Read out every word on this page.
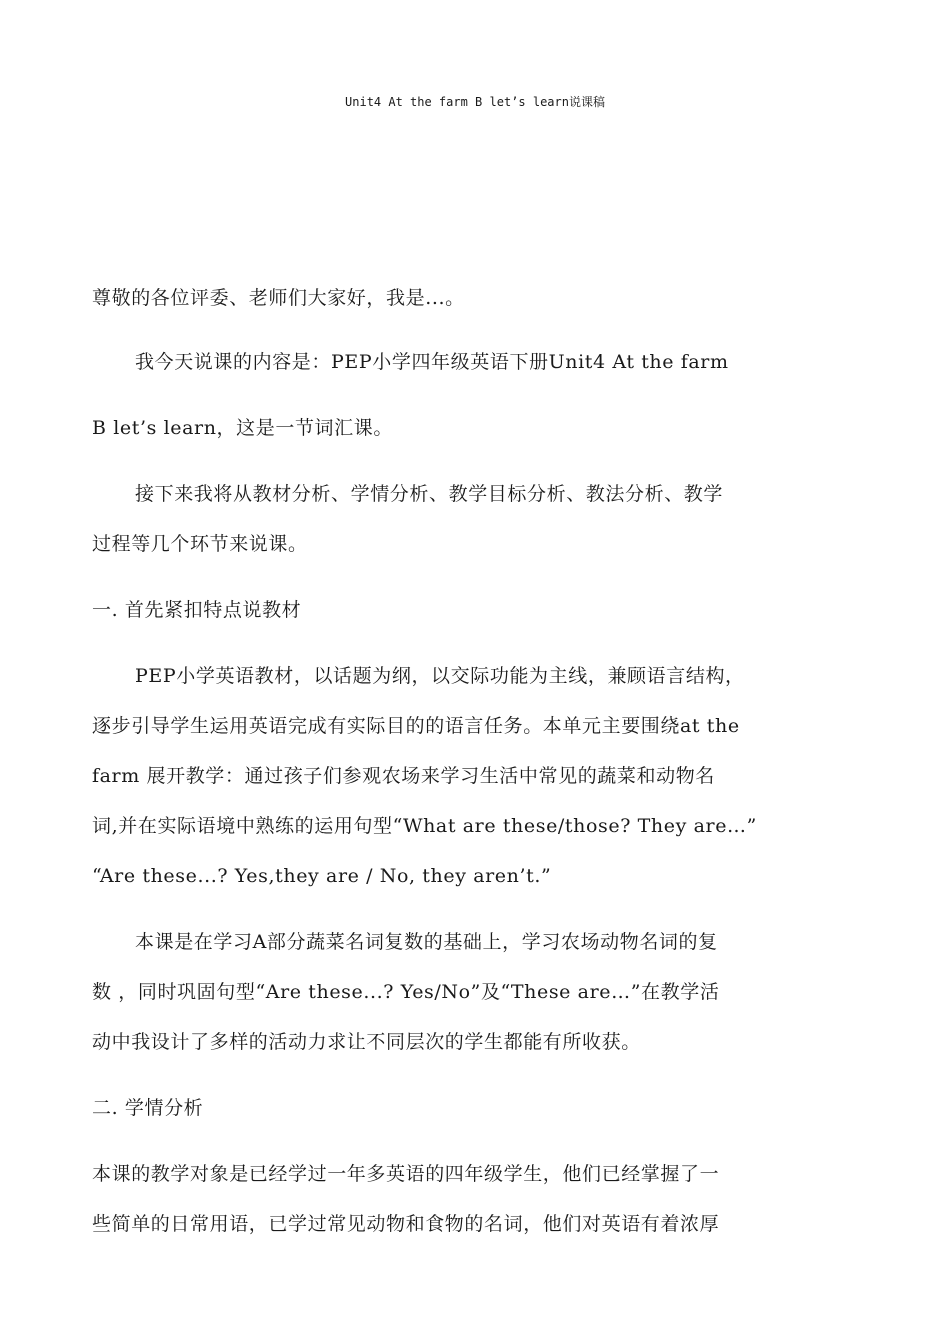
Unit4 At the farm B let’s learn说课稿
尊敬的各位评委、老师们大家好，我是...。
我今天说课的内容是：PEP小学四年级英语下册Unit4 At the farm
B let’s learn，这是一节词汇课。
接下来我将从教材分析、学情分析、教学目标分析、教法分析、教学
过程等几个环节来说课。
一. 首先紧扣特点说教材
PEP小学英语教材，以话题为纲，以交际功能为主线，兼顾语言结构，
逐步引导学生运用英语完成有实际目的的语言任务。本单元主要围绕at the
farm 展开教学：通过孩子们参观农场来学习生活中常见的蔬菜和动物名
词,并在实际语境中熟练的运用句型“What are these/those? They are…”
“Are these...? Yes,they are / No, they aren’t.”
本课是在学习A部分蔬菜名词复数的基础上，学习农场动物名词的复
数 ，同时巩固句型“Are these...? Yes/No”及“These are…”在教学活
动中我设计了多样的活动力求让不同层次的学生都能有所收获。
二. 学情分析
本课的教学对象是已经学过一年多英语的四年级学生，他们已经掌握了一
些简单的日常用语，已学过常见动物和食物的名词，他们对英语有着浓厚
